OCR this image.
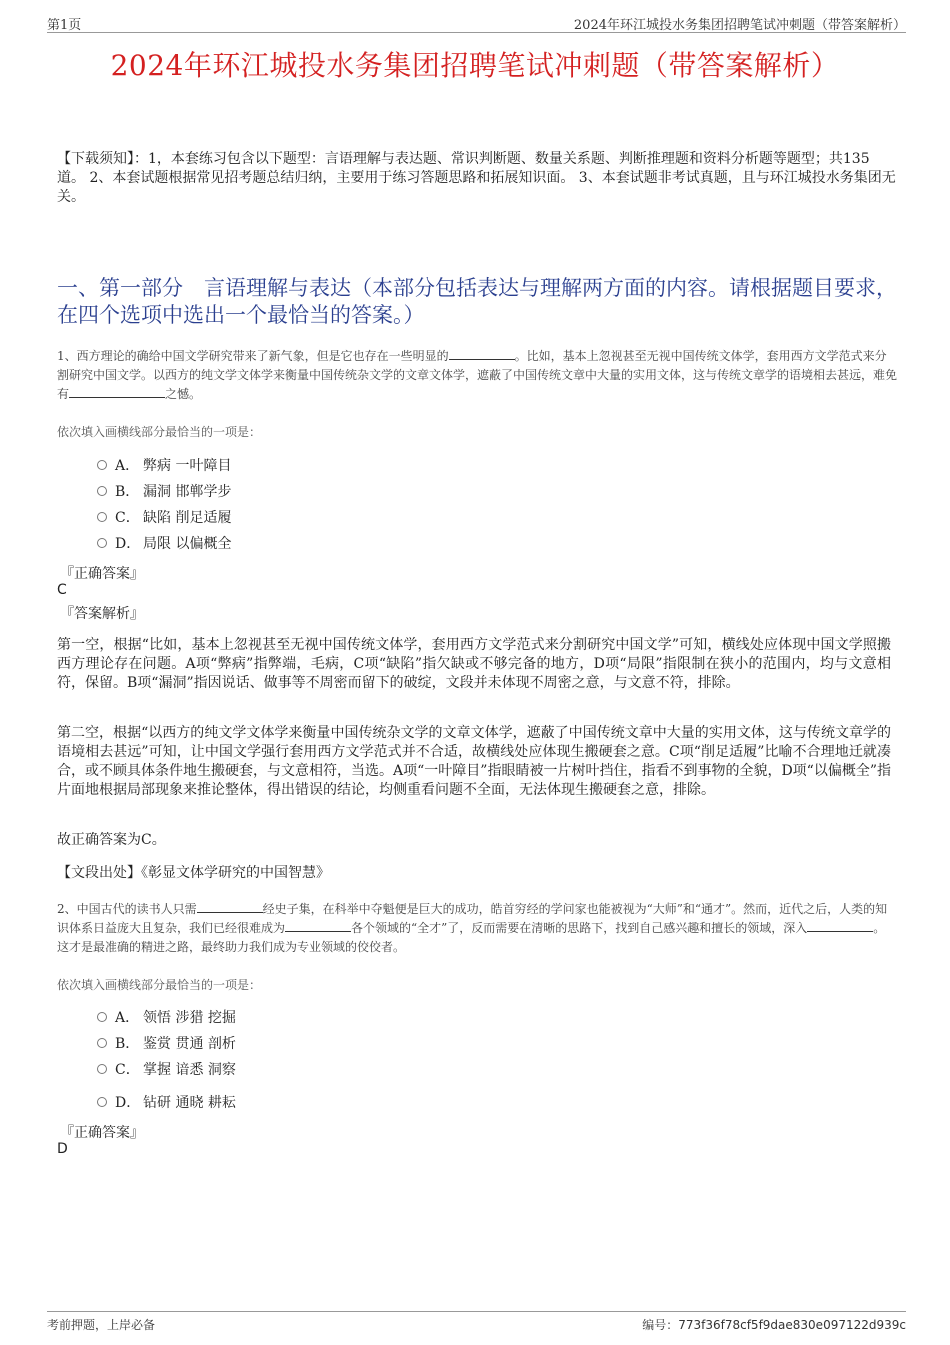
第1页	2024年环江城投水务集团招聘笔试冲刺题（带答案解析）
2024年环江城投水务集团招聘笔试冲刺题（带答案解析）
【下载须知】：1，本套练习包含以下题型：言语理解与表达题、常识判断题、数量关系题、判断推理题和资料分析题等题型；共135道。 2、本套试题根据常见招考题总结归纳，主要用于练习答题思路和拓展知识面。 3、本套试题非考试真题，且与环江城投水务集团无关。
一、第一部分　言语理解与表达（本部分包括表达与理解两方面的内容。请根据题目要求，在四个选项中选出一个最恰当的答案。）
1、西方理论的确给中国文学研究带来了新气象，但是它也存在一些明显的	。比如，基本上忽视甚至无视中国传统文体学，套用西方文学范式来分割研究中国文学。以西方的纯文学文体学来衡量中国传统杂文学的文章文体学，遮蔽了中国传统文章中大量的实用文体，这与传统文章学的语境相去甚远，难免有	之憾。
依次填入画横线部分最恰当的一项是：
A． 弊病 一叶障目
B． 漏洞 邯郸学步
C． 缺陷 削足适履
D． 局限 以偏概全
『正确答案』
C
『答案解析』
第一空，根据“比如，基本上忽视甚至无视中国传统文体学，套用西方文学范式来分割研究中国文学”可知，横线处应体现中国文学照搬西方理论存在问题。A项“弊病”指弊端，毛病，C项“缺陷”指欠缺或不够完备的地方，D项“局限”指限制在狭小的范围内，均与文意相符，保留。B项“漏洞”指因说话、做事等不周密而留下的破绽，文段并未体现不周密之意，与文意不符，排除。
第二空，根据“以西方的纯文学文体学来衡量中国传统杂文学的文章文体学，遮蔽了中国传统文章中大量的实用文体，这与传统文章学的语境相去甚远”可知，让中国文学强行套用西方文学范式并不合适，故横线处应体现生搬硬套之意。C项“削足适履”比喻不合理地迁就凑合，或不顾具体条件地生搬硬套，与文意相符，当选。A项“一叶障目”指眼睛被一片树叶挡住，指看不到事物的全貌，D项“以偏概全”指片面地根据局部现象来推论整体，得出错误的结论，均侧重看问题不全面，无法体现生搬硬套之意，排除。
故正确答案为C。
【文段出处】《彰显文体学研究的中国智慧》
2、中国古代的读书人只需	经史子集，在科举中夺魁便是巨大的成功，皓首穷经的学问家也能被视为“大师”和“通才”。然而，近代之后，人类的知识体系日益庞大且复杂，我们已经很难成为	各个领域的“全才”了，反而需要在清晰的思路下，找到自己感兴趣和擅长的领域，深入	。这才是最准确的精进之路，最终助力我们成为专业领域的佼佼者。
依次填入画横线部分最恰当的一项是：
A． 领悟 涉猎 挖掘
B． 鉴赏 贯通 剖析
C． 掌握 谙悉 洞察
D． 钻研 通晓 耕耘
『正确答案』
D
考前押题，上岸必备	编号：773f36f78cf5f9dae830e097122d939c
